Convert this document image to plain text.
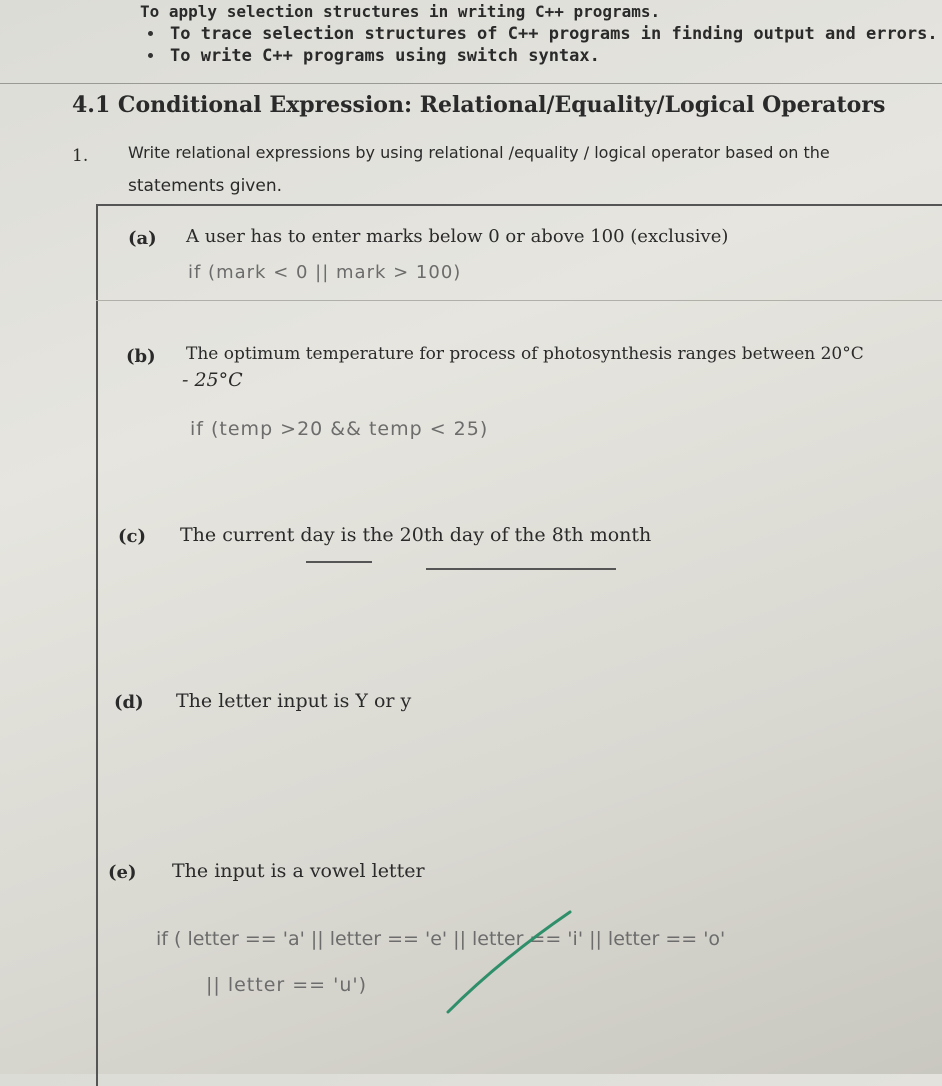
To apply selection structures in writing C++ programs.
To trace selection structures of C++ programs in finding output and errors.
To write C++ programs using switch syntax.
4.1 Conditional Expression: Relational/Equality/Logical Operators
1. Write relational expressions by using relational /equality / logical operator based on the
statements given.
(a) A user has to enter marks below 0 or above 100 (exclusive)
if (mark < 0 || mark > 100)
(b) The optimum temperature for process of photosynthesis ranges between 20°C
- 25°C
if (temp >20 && temp < 25)
(c) The current day is the 20th day of the 8th month
(d) The letter input is Y or y
(e) The input is a vowel letter
if ( letter == 'a' || letter == 'e' || letter == 'i' || letter == 'o'
|| letter == 'u')
